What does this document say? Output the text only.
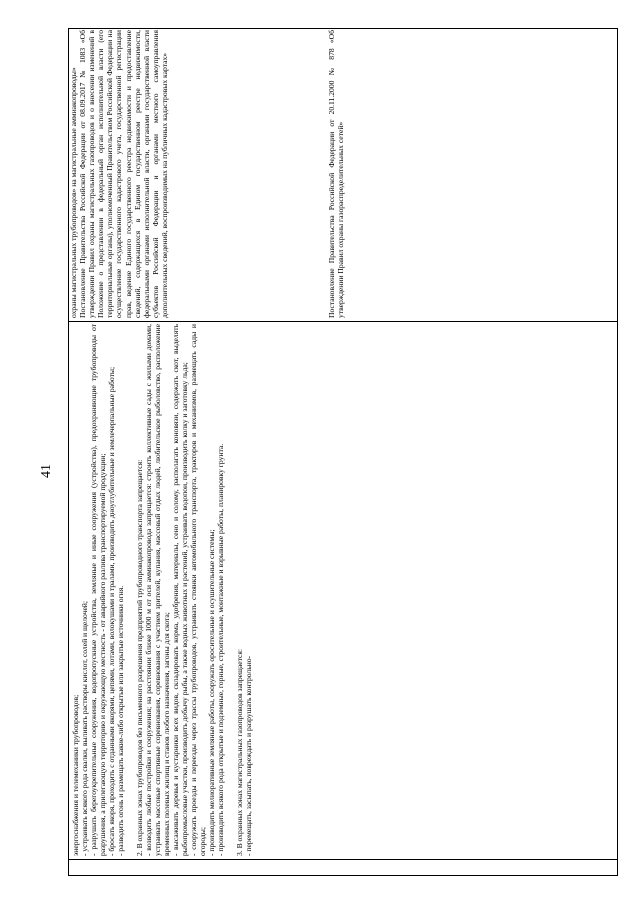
41

энергоснабжения и телемеханики трубопроводов; - устраивать всякого рода свалки, выливать растворы кислот, солей и щелочей; - разрушать берегоукрепительные сооружения, водопропускные устройства, земляные и иные сооружения (устройства), предохраняющие трубопроводы от разрушения, а прилегающую территорию и окружающую местность - от аварийного разлива транспортируемой продукции; - бросать якоря, проходить с отданными якорями, цепями, лотами, волокушами и тралами, производить дноуглубительные и землечерпальные работы; - разводить огонь и размещать какие-либо открытые или закрытые источники огня. 2. В охранных зонах трубопроводов без письменного разрешения предприятий трубопроводного транспорта запрещается: - возводить любые постройки и сооружения; на расстоянии ближе 1000 м от оси аммиакопровода запрещается: строить коллективные сады с жилыми домами, устраивать массовые спортивные соревнования, соревнования с участием зрителей, купания, массовый отдых людей, любительское рыболовство, расположение временных полевых жилищ и станов любого назначения, загоны для скота; - высаживать деревья и кустарники всех видов, складировать корма, удобрения, материалы, сено и солому, располагать коновязи, содержать скот, выделять рыбопромысловые участки, производить добычу рыбы, а также водных животных и растений, устраивать водопои, производить колку и заготовку льда; - сооружать проезды и переезды через трассы трубопроводов, устраивать стоянки автомобильного транспорта, тракторов и механизмов, размещать сады и огороды; - производить мелиоративные земляные работы, сооружать оросительные и осушительные системы; - производить всякого рода открытые и подземные, горные, строительные, монтажные и взрывные работы, планировку грунта. 3. В охранных зонах магистральных газопроводов запрещается: - перемещать, засыпать, повреждать и разрушать контрольно-

охраны магистральных трубопроводов» на магистральные аммиакопроводы» Постановление Правительства Российской Федерации от 08.09.2017 № 1083 «Об утверждении Правил охраны магистральных газопроводов и о внесении изменений в Положение о представлении в федеральный орган исполнительной власти (его территориальные органы), уполномоченный Правительством Российской Федерации на осуществление государственного кадастрового учета, государственной регистрации прав, ведение Единого государственного реестра недвижимости и предоставление сведений, содержащихся в Едином государственном реестре недвижимости, федеральными органами исполнительной власти, органами государственной власти субъектов Российской Федерации и органами местного самоуправления дополнительных сведений, воспроизводимых на публичных кадастровых картах»	Постановление Правительства Российской Федерации от 20.11.2000 № 878 «Об утверждении Правил охраны газораспределительных сетей»
